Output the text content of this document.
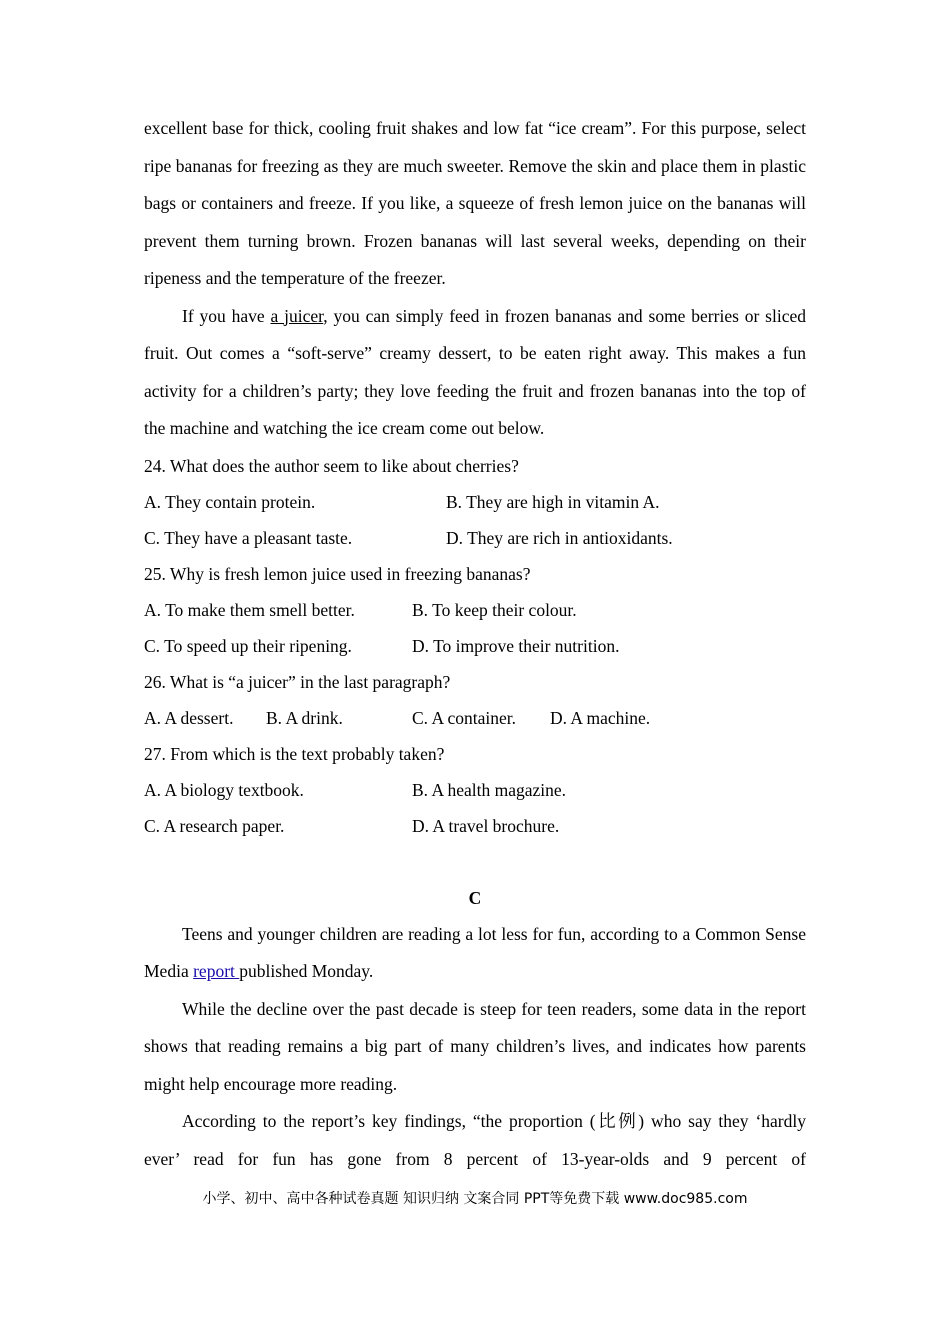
excellent base for thick, cooling fruit shakes and low fat “ice cream”. For this purpose, select ripe bananas for freezing as they are much sweeter. Remove the skin and place them in plastic bags or containers and freeze. If you like, a squeeze of fresh lemon juice on the bananas will prevent them turning brown. Frozen bananas will last several weeks, depending on their ripeness and the temperature of the freezer.

If you have a juicer, you can simply feed in frozen bananas and some berries or sliced fruit. Out comes a “soft-serve” creamy dessert, to be eaten right away. This makes a fun activity for a children’s party; they love feeding the fruit and frozen bananas into the top of the machine and watching the ice cream come out below.

24. What does the author seem to like about cherries?

A. They contain protein.	B. They are high in vitamin A.
C. They have a pleasant taste.	D. They are rich in antioxidants.

25. Why is fresh lemon juice used in freezing bananas?

A. To make them smell better.	B. To keep their colour.
C. To speed up their ripening.	D. To improve their nutrition.

26. What is “a juicer” in the last paragraph?

A. A dessert. B. A drink.	C. A container. D. A machine.

27. From which is the text probably taken?

A. A biology textbook.	B. A health magazine.
C. A research paper.	D. A travel brochure.

C

Teens and younger children are reading a lot less for fun, according to a Common Sense Media report published Monday.

While the decline over the past decade is steep for teen readers, some data in the report shows that reading remains a big part of many children’s lives, and indicates how parents might help encourage more reading.

According to the report’s key findings, “the proportion (比例) who say they ‘hardly ever’ read for fun has gone from 8 percent of 13-year-olds and 9 percent of

小学、初中、高中各种试卷真题 知识归纳 文案合同 PPT等免费下载 www.doc985.com
